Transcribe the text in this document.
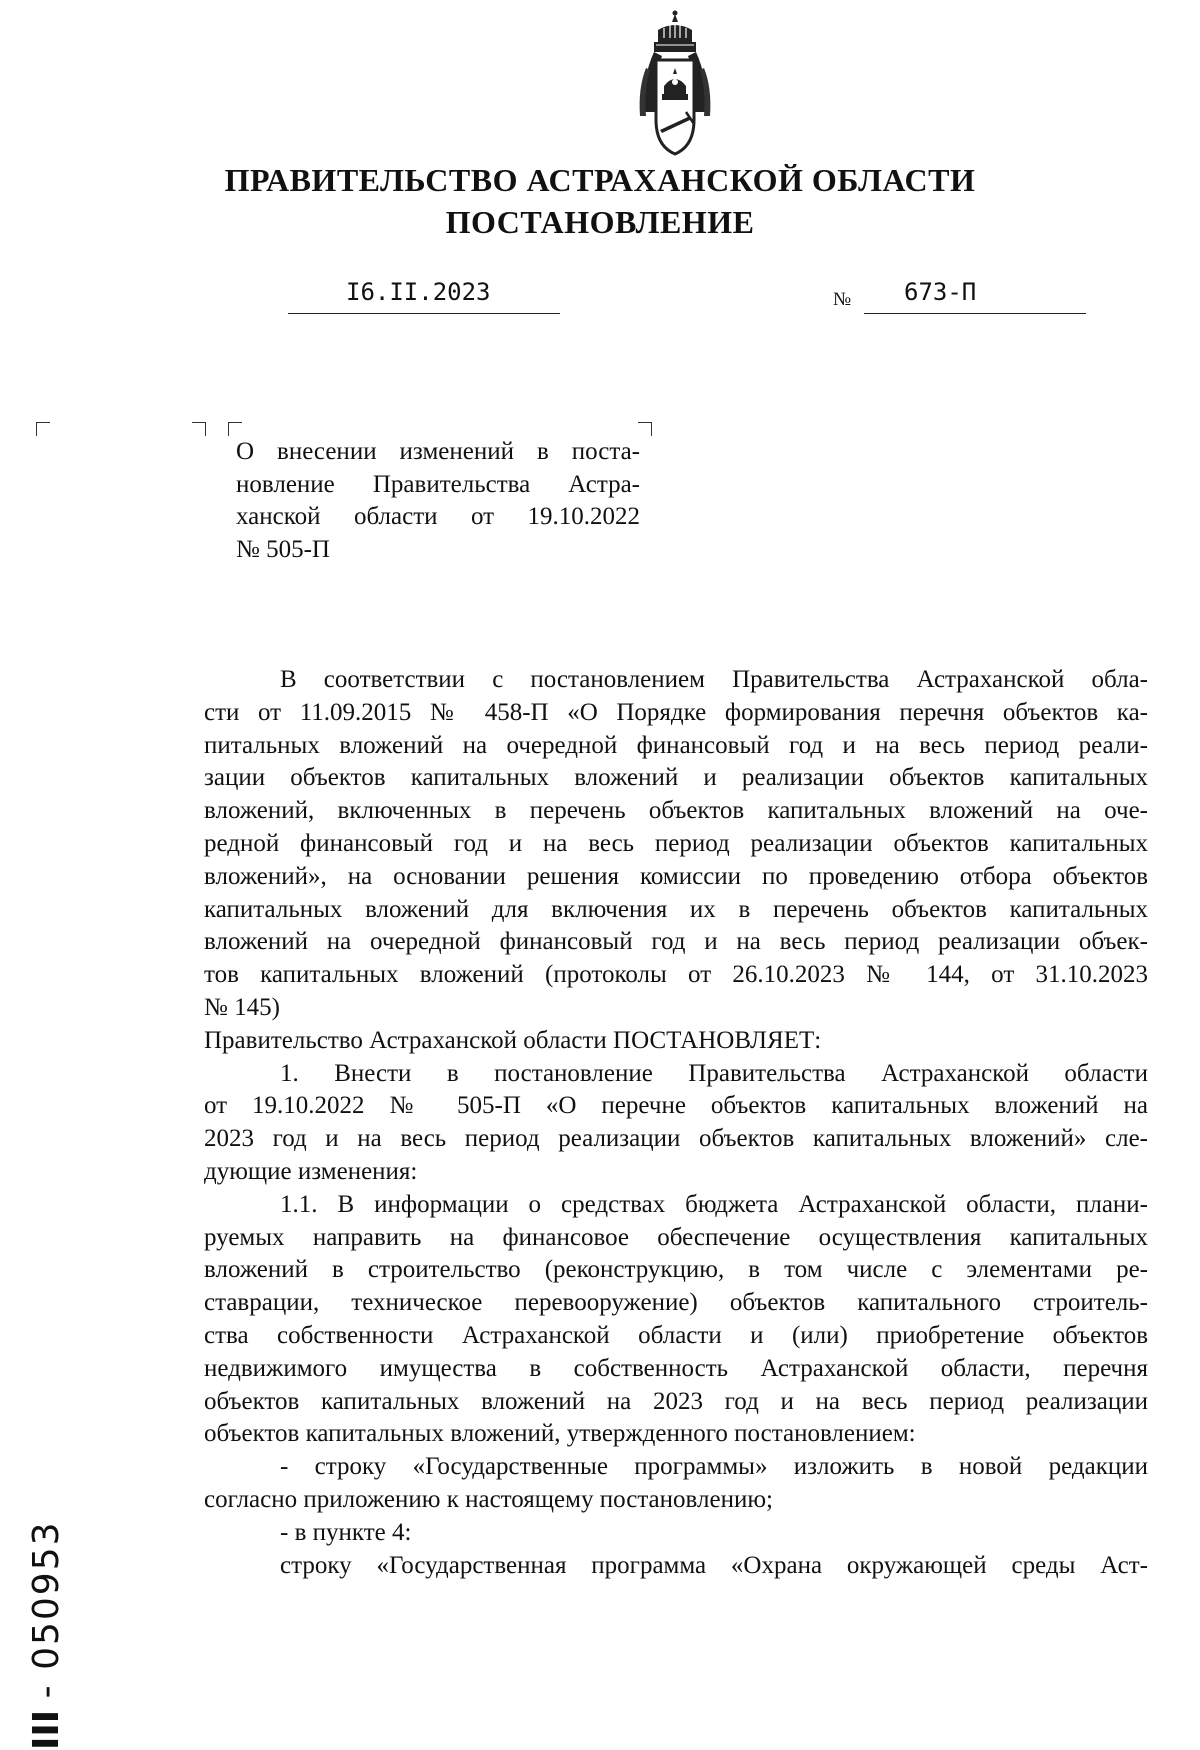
ПРАВИТЕЛЬСТВО АСТРАХАНСКОЙ ОБЛАСТИ
ПОСТАНОВЛЕНИЕ
I6.II.2023	№	673-П
О внесении изменений в поста-
новление Правительства Астра-
ханской области от 19.10.2022
№ 505-П
В соответствии с постановлением Правительства Астраханской обла-
сти от 11.09.2015 № 458-П «О Порядке формирования перечня объектов ка-
питальных вложений на очередной финансовый год и на весь период реали-
зации объектов капитальных вложений и реализации объектов капитальных
вложений, включенных в перечень объектов капитальных вложений на оче-
редной финансовый год и на весь период реализации объектов капитальных
вложений», на основании решения комиссии по проведению отбора объектов
капитальных вложений для включения их в перечень объектов капитальных
вложений на очередной финансовый год и на весь период реализации объек-
тов капитальных вложений (протоколы от 26.10.2023 № 144, от 31.10.2023
№ 145)
Правительство Астраханской области ПОСТАНОВЛЯЕТ:
1. Внести в постановление Правительства Астраханской области
от 19.10.2022 № 505-П «О перечне объектов капитальных вложений на
2023 год и на весь период реализации объектов капитальных вложений» сле-
дующие изменения:
1.1. В информации о средствах бюджета Астраханской области, плани-
руемых направить на финансовое обеспечение осуществления капитальных
вложений в строительство (реконструкцию, в том числе с элементами ре-
ставрации, техническое перевооружение) объектов капитального строитель-
ства собственности Астраханской области и (или) приобретение объектов
недвижимого имущества в собственность Астраханской области, перечня
объектов капитальных вложений на 2023 год и на весь период реализации
объектов капитальных вложений, утвержденного постановлением:
- строку «Государственные программы» изложить в новой редакции
согласно приложению к настоящему постановлению;
- в пункте 4:
строку «Государственная программа «Охрана окружающей среды Аст-
III - 050953
